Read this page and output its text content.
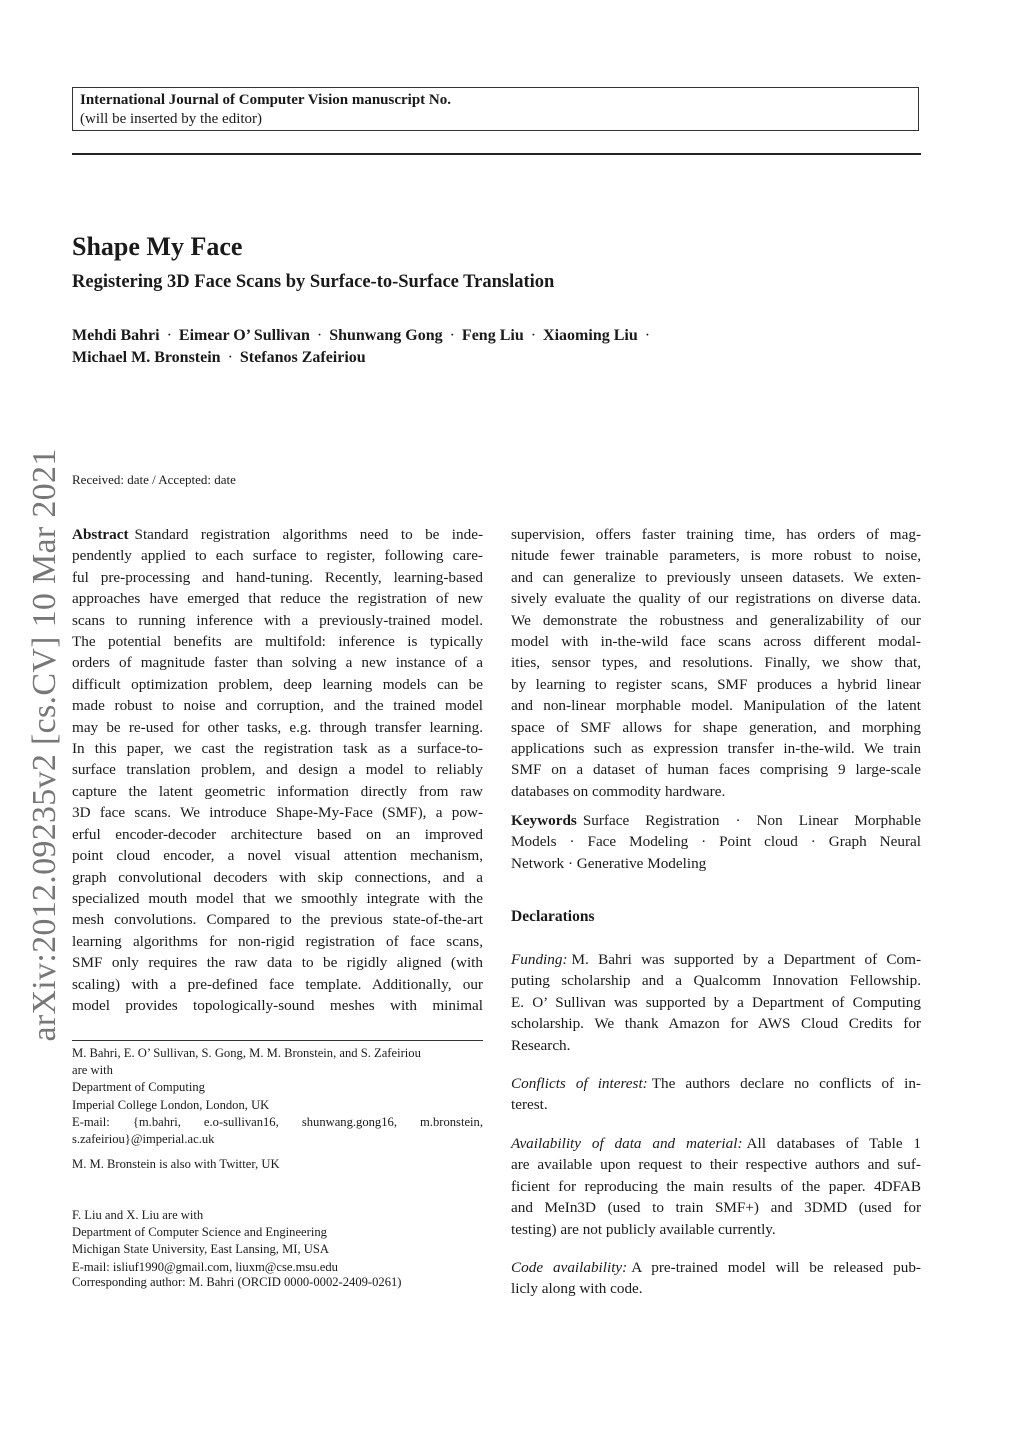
International Journal of Computer Vision manuscript No.
(will be inserted by the editor)
arXiv:2012.09235v2 [cs.CV] 10 Mar 2021
Shape My Face
Registering 3D Face Scans by Surface-to-Surface Translation
Mehdi Bahri · Eimear O’ Sullivan · Shunwang Gong · Feng Liu · Xiaoming Liu ·
Michael M. Bronstein · Stefanos Zafeiriou
Received: date / Accepted: date
Abstract Standard registration algorithms need to be inde-
pendently applied to each surface to register, following care-
ful pre-processing and hand-tuning. Recently, learning-based
approaches have emerged that reduce the registration of new
scans to running inference with a previously-trained model.
The potential benefits are multifold: inference is typically
orders of magnitude faster than solving a new instance of a
difficult optimization problem, deep learning models can be
made robust to noise and corruption, and the trained model
may be re-used for other tasks, e.g. through transfer learning.
In this paper, we cast the registration task as a surface-to-
surface translation problem, and design a model to reliably
capture the latent geometric information directly from raw
3D face scans. We introduce Shape-My-Face (SMF), a pow-
erful encoder-decoder architecture based on an improved
point cloud encoder, a novel visual attention mechanism,
graph convolutional decoders with skip connections, and a
specialized mouth model that we smoothly integrate with the
mesh convolutions. Compared to the previous state-of-the-art
learning algorithms for non-rigid registration of face scans,
SMF only requires the raw data to be rigidly aligned (with
scaling) with a pre-defined face template. Additionally, our
model provides topologically-sound meshes with minimal
supervision, offers faster training time, has orders of mag-
nitude fewer trainable parameters, is more robust to noise,
and can generalize to previously unseen datasets. We exten-
sively evaluate the quality of our registrations on diverse data.
We demonstrate the robustness and generalizability of our
model with in-the-wild face scans across different modal-
ities, sensor types, and resolutions. Finally, we show that,
by learning to register scans, SMF produces a hybrid linear
and non-linear morphable model. Manipulation of the latent
space of SMF allows for shape generation, and morphing
applications such as expression transfer in-the-wild. We train
SMF on a dataset of human faces comprising 9 large-scale
databases on commodity hardware.
Keywords Surface Registration · Non Linear Morphable
Models · Face Modeling · Point cloud · Graph Neural
Network · Generative Modeling
Funding: M. Bahri was supported by a Department of Com-
puting scholarship and a Qualcomm Innovation Fellowship.
E. O’ Sullivan was supported by a Department of Computing
scholarship. We thank Amazon for AWS Cloud Credits for
Research.
Conflicts of interest: The authors declare no conflicts of in-
terest.
Availability of data and material: All databases of Table 1
are available upon request to their respective authors and suf-
ficient for reproducing the main results of the paper. 4DFAB
and MeIn3D (used to train SMF+) and 3DMD (used for
testing) are not publicly available currently.
Code availability: A pre-trained model will be released pub-
licly along with code.
Declarations
M. Bahri, E. O’ Sullivan, S. Gong, M. M. Bronstein, and S. Zafeiriou
are with
Department of Computing
Imperial College London, London, UK
E-mail: {m.bahri, e.o-sullivan16, shunwang.gong16, m.bronstein,
s.zafeiriou}@imperial.ac.uk
M. M. Bronstein is also with Twitter, UK
F. Liu and X. Liu are with
Department of Computer Science and Engineering
Michigan State University, East Lansing, MI, USA
E-mail: isliuf1990@gmail.com, liuxm@cse.msu.edu
Corresponding author: M. Bahri (ORCID 0000-0002-2409-0261)
